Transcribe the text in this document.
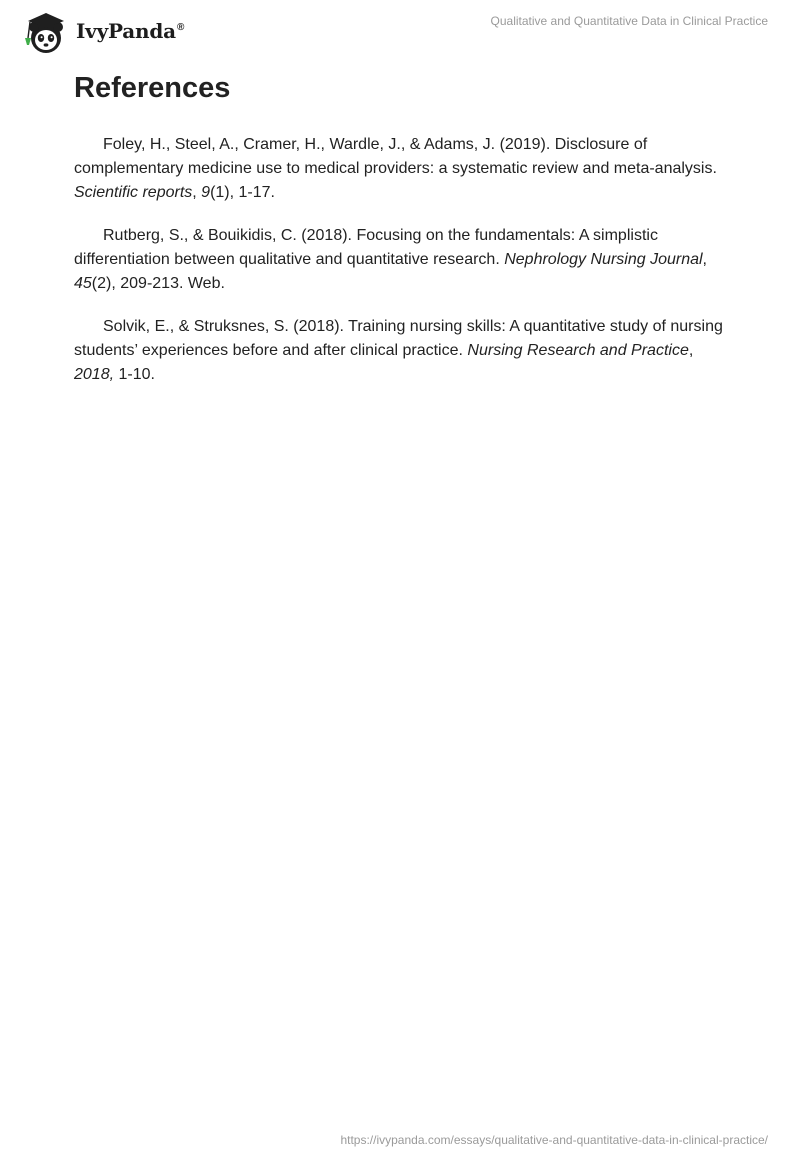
IvyPanda®	Qualitative and Quantitative Data in Clinical Practice
References

Foley, H., Steel, A., Cramer, H., Wardle, J., & Adams, J. (2019). Disclosure of complementary medicine use to medical providers: a systematic review and meta-analysis. Scientific reports, 9(1), 1-17.

Rutberg, S., & Bouikidis, C. (2018). Focusing on the fundamentals: A simplistic differentiation between qualitative and quantitative research. Nephrology Nursing Journal, 45(2), 209-213. Web.

Solvik, E., & Struksnes, S. (2018). Training nursing skills: A quantitative study of nursing students’ experiences before and after clinical practice. Nursing Research and Practice, 2018, 1-10.

https://ivypanda.com/essays/qualitative-and-quantitative-data-in-clinical-practice/
